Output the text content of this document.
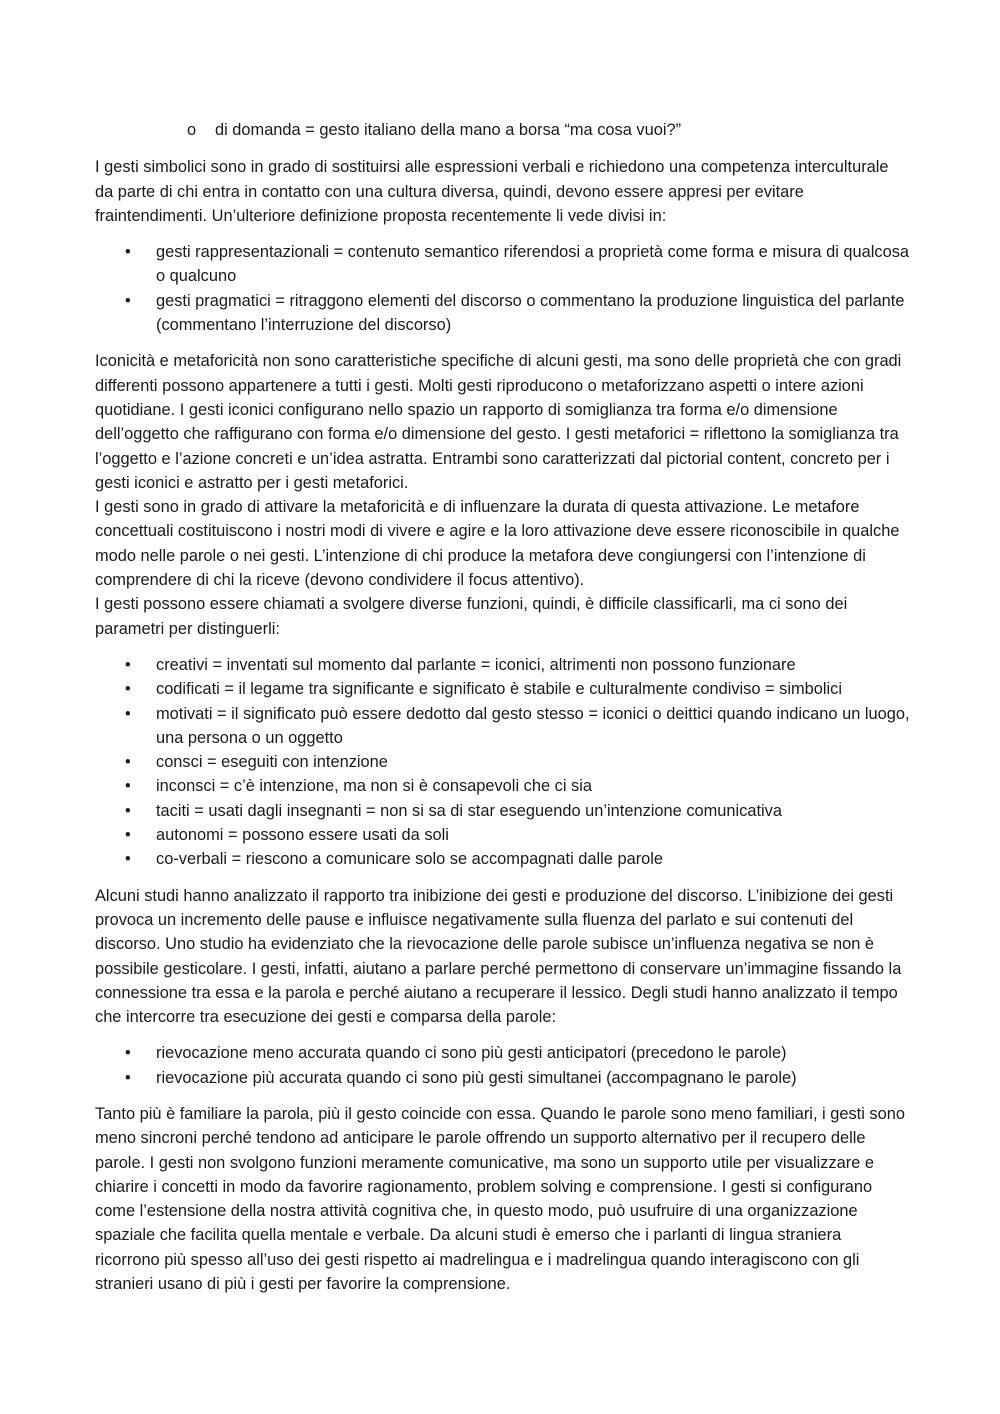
o di domanda = gesto italiano della mano a borsa “ma cosa vuoi?”

I gesti simbolici sono in grado di sostituirsi alle espressioni verbali e richiedono una competenza interculturale da parte di chi entra in contatto con una cultura diversa, quindi, devono essere appresi per evitare fraintendimenti. Un’ulteriore definizione proposta recentemente li vede divisi in:

• gesti rappresentazionali = contenuto semantico riferendosi a proprietà come forma e misura di qualcosa o qualcuno
• gesti pragmatici = ritraggono elementi del discorso o commentano la produzione linguistica del parlante (commentano l’interruzione del discorso)

Iconicità e metaforicità non sono caratteristiche specifiche di alcuni gesti, ma sono delle proprietà che con gradi differenti possono appartenere a tutti i gesti. Molti gesti riproducono o metaforizzano aspetti o intere azioni quotidiane. I gesti iconici configurano nello spazio un rapporto di somiglianza tra forma e/o dimensione dell’oggetto che raffigurano con forma e/o dimensione del gesto. I gesti metaforici = riflettono la somiglianza tra l’oggetto e l’azione concreti e un’idea astratta. Entrambi sono caratterizzati dal pictorial content, concreto per i gesti iconici e astratto per i gesti metaforici.

I gesti sono in grado di attivare la metaforicità e di influenzare la durata di questa attivazione. Le metafore concettuali costituiscono i nostri modi di vivere e agire e la loro attivazione deve essere riconoscibile in qualche modo nelle parole o nei gesti. L’intenzione di chi produce la metafora deve congiungersi con l’intenzione di comprendere di chi la riceve (devono condividere il focus attentivo).

I gesti possono essere chiamati a svolgere diverse funzioni, quindi, è difficile classificarli, ma ci sono dei parametri per distinguerli:

• creativi = inventati sul momento dal parlante = iconici, altrimenti non possono funzionare
• codificati = il legame tra significante e significato è stabile e culturalmente condiviso = simbolici
• motivati = il significato può essere dedotto dal gesto stesso = iconici o deittici quando indicano un luogo, una persona o un oggetto
• consci = eseguiti con intenzione
• inconsci = c’è intenzione, ma non si è consapevoli che ci sia
• taciti = usati dagli insegnanti = non si sa di star eseguendo un’intenzione comunicativa
• autonomi = possono essere usati da soli
• co-verbali = riescono a comunicare solo se accompagnati dalle parole

Alcuni studi hanno analizzato il rapporto tra inibizione dei gesti e produzione del discorso. L’inibizione dei gesti provoca un incremento delle pause e influisce negativamente sulla fluenza del parlato e sui contenuti del discorso. Uno studio ha evidenziato che la rievocazione delle parole subisce un’influenza negativa se non è possibile gesticolare. I gesti, infatti, aiutano a parlare perché permettono di conservare un’immagine fissando la connessione tra essa e la parola e perché aiutano a recuperare il lessico. Degli studi hanno analizzato il tempo che intercorre tra esecuzione dei gesti e comparsa della parole:

• rievocazione meno accurata quando ci sono più gesti anticipatori (precedono le parole)
• rievocazione più accurata quando ci sono più gesti simultanei (accompagnano le parole)

Tanto più è familiare la parola, più il gesto coincide con essa. Quando le parole sono meno familiari, i gesti sono meno sincroni perché tendono ad anticipare le parole offrendo un supporto alternativo per il recupero delle parole. I gesti non svolgono funzioni meramente comunicative, ma sono un supporto utile per visualizzare e chiarire i concetti in modo da favorire ragionamento, problem solving e comprensione. I gesti si configurano come l’estensione della nostra attività cognitiva che, in questo modo, può usufruire di una organizzazione spaziale che facilita quella mentale e verbale. Da alcuni studi è emerso che i parlanti di lingua straniera ricorrono più spesso all’uso dei gesti rispetto ai madrelingua e i madrelingua quando interagiscono con gli stranieri usano di più i gesti per favorire la comprensione.
